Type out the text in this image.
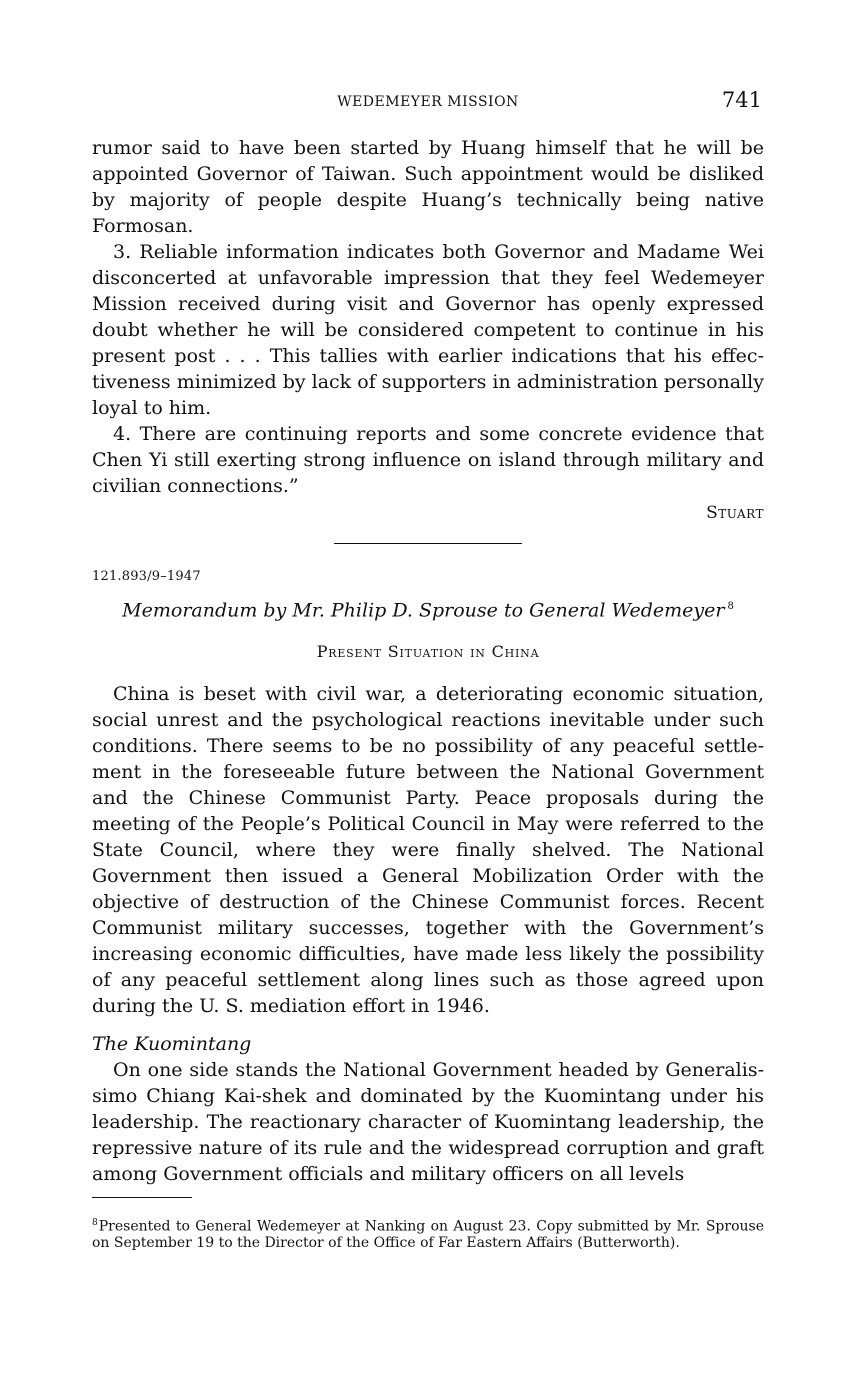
WEDEMEYER MISSION	741

rumor said to have been started by Huang himself that he will be appointed Governor of Taiwan. Such appointment would be disliked by majority of people despite Huang’s technically being native Formosan.

3. Reliable information indicates both Governor and Madame Wei disconcerted at unfavorable impression that they feel Wedemeyer Mission received during visit and Governor has openly expressed doubt whether he will be considered competent to continue in his present post . . . This tallies with earlier indications that his effectiveness minimized by lack of supporters in administration personally loyal to him.

4. There are continuing reports and some concrete evidence that Chen Yi still exerting strong influence on island through military and civilian connections.”

Stuart
121.893/9–1947
Memorandum by Mr. Philip D. Sprouse to General Wedemeyer $^8$
Present Situation in China

China is beset with civil war, a deteriorating economic situation, social unrest and the psychological reactions inevitable under such conditions. There seems to be no possibility of any peaceful settlement in the foreseeable future between the National Government and the Chinese Communist Party. Peace proposals during the meeting of the People’s Political Council in May were referred to the State Council, where they were finally shelved. The National Government then issued a General Mobilization Order with the objective of destruction of the Chinese Communist forces. Recent Communist military successes, together with the Government’s increasing economic difficulties, have made less likely the possibility of any peaceful settlement along lines such as those agreed upon during the U. S. mediation effort in 1946.

The Kuomintang

On one side stands the National Government headed by Generalissimo Chiang Kai-shek and dominated by the Kuomintang under his leadership. The reactionary character of Kuomintang leadership, the repressive nature of its rule and the widespread corruption and graft among Government officials and military officers on all levels

$^8$Presented to General Wedemeyer at Nanking on August 23. Copy submitted by Mr. Sprouse on September 19 to the Director of the Office of Far Eastern Affairs (Butterworth).
